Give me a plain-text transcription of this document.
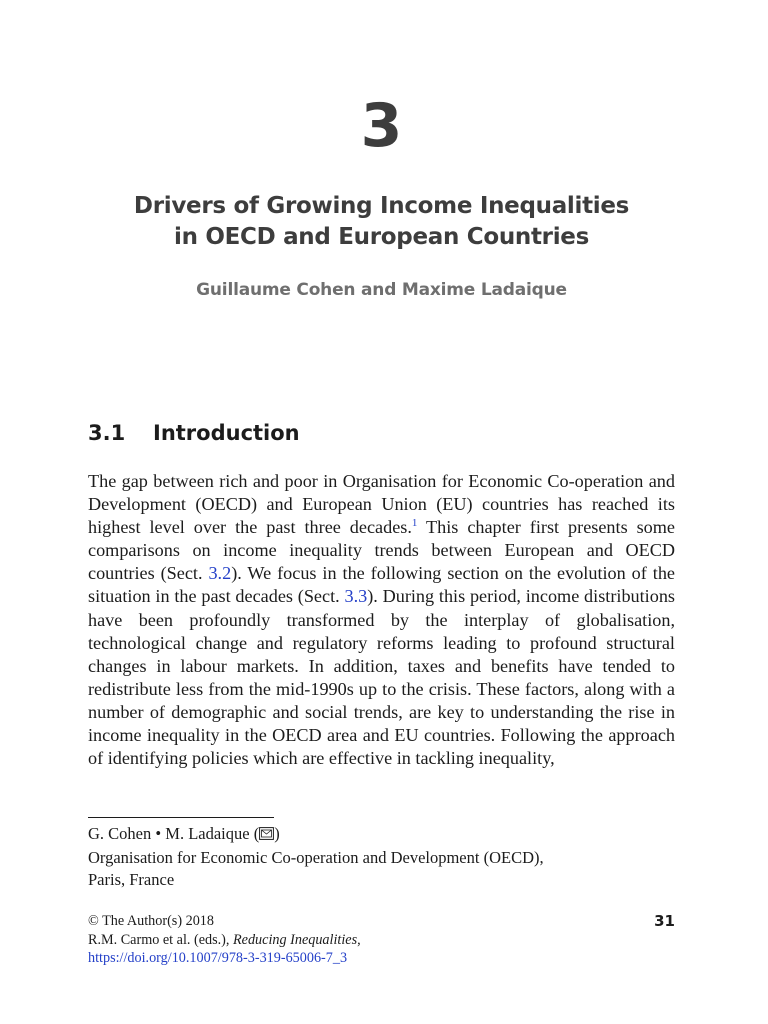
3
Drivers of Growing Income Inequalities
in OECD and European Countries
Guillaume Cohen and Maxime Ladaique
3.1 Introduction

The gap between rich and poor in Organisation for Economic Co-operation and Development (OECD) and European Union (EU) countries has reached its highest level over the past three decades.$^1$ This chapter first presents some comparisons on income inequality trends between European and OECD countries (Sect. 3.2). We focus in the following section on the evolution of the situation in the past decades (Sect. 3.3). During this period, income distributions have been profoundly transformed by the interplay of globalisation, technological change and regulatory reforms leading to profound structural changes in labour markets. In addition, taxes and benefits have tended to redistribute less from the mid-1990s up to the crisis. These factors, along with a number of demographic and social trends, are key to understanding the rise in income inequality in the OECD area and EU countries. Following the approach of identifying policies which are effective in tackling inequality,

G. Cohen • M. Ladaique ( )
Organisation for Economic Co-operation and Development (OECD),
Paris, France
© The Author(s) 2018
R.M. Carmo et al. (eds.), Reducing Inequalities,
https://doi.org/10.1007/978-3-319-65006-7_3
31
